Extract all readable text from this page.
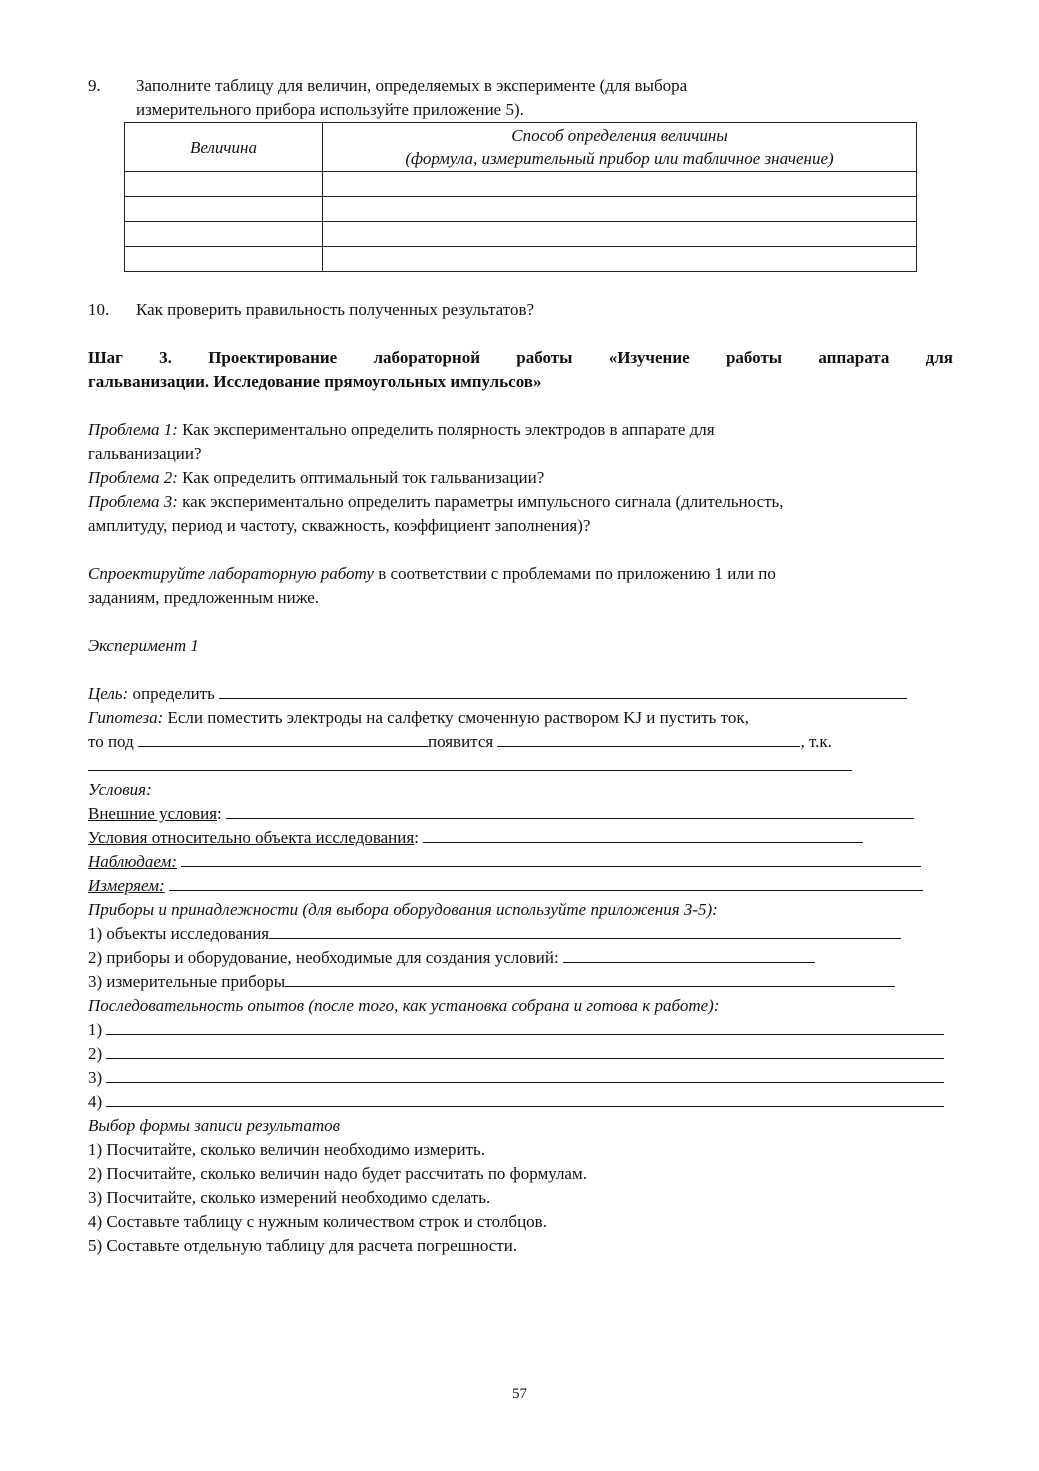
9. Заполните таблицу для величин, определяемых в эксперименте (для выбора
измерительного прибора используйте приложение 5).
Величина	Способ определения величины
(формула, измерительный прибор или табличное значение)

10. Как проверить правильность полученных результатов?
Шаг 3. Проектирование лабораторной работы «Изучение работы аппарата для
гальванизации. Исследование прямоугольных импульсов»
Проблема 1: Как экспериментально определить полярность электродов в аппарате для
гальванизации?
Проблема 2: Как определить оптимальный ток гальванизации?
Проблема 3: как экспериментально определить параметры импульсного сигнала (длительность,
амплитуду, период и частоту, скважность, коэффициент заполнения)?
Спроектируйте лабораторную работу в соответствии с проблемами по приложению 1 или по
заданиям, предложенным ниже.
Эксперимент 1
Цель: определить
Гипотеза: Если поместить электроды на салфетку смоченную раствором KJ и пустить ток,
то под	появится	, т.к.
Условия:
Внешние условия:
Условия относительно объекта исследования:
Наблюдаем:
Измеряем:
Приборы и принадлежности (для выбора оборудования используйте приложения 3-5):
1) объекты исследования
2) приборы и оборудование, необходимые для создания условий:
3) измерительные приборы
Последовательность опытов (после того, как установка собрана и готова к работе):
1)
2)
3)
4)
Выбор формы записи результатов
1) Посчитайте, сколько величин необходимо измерить.
2) Посчитайте, сколько величин надо будет рассчитать по формулам.
3) Посчитайте, сколько измерений необходимо сделать.
4) Составьте таблицу с нужным количеством строк и столбцов.
5) Составьте отдельную таблицу для расчета погрешности.
57
